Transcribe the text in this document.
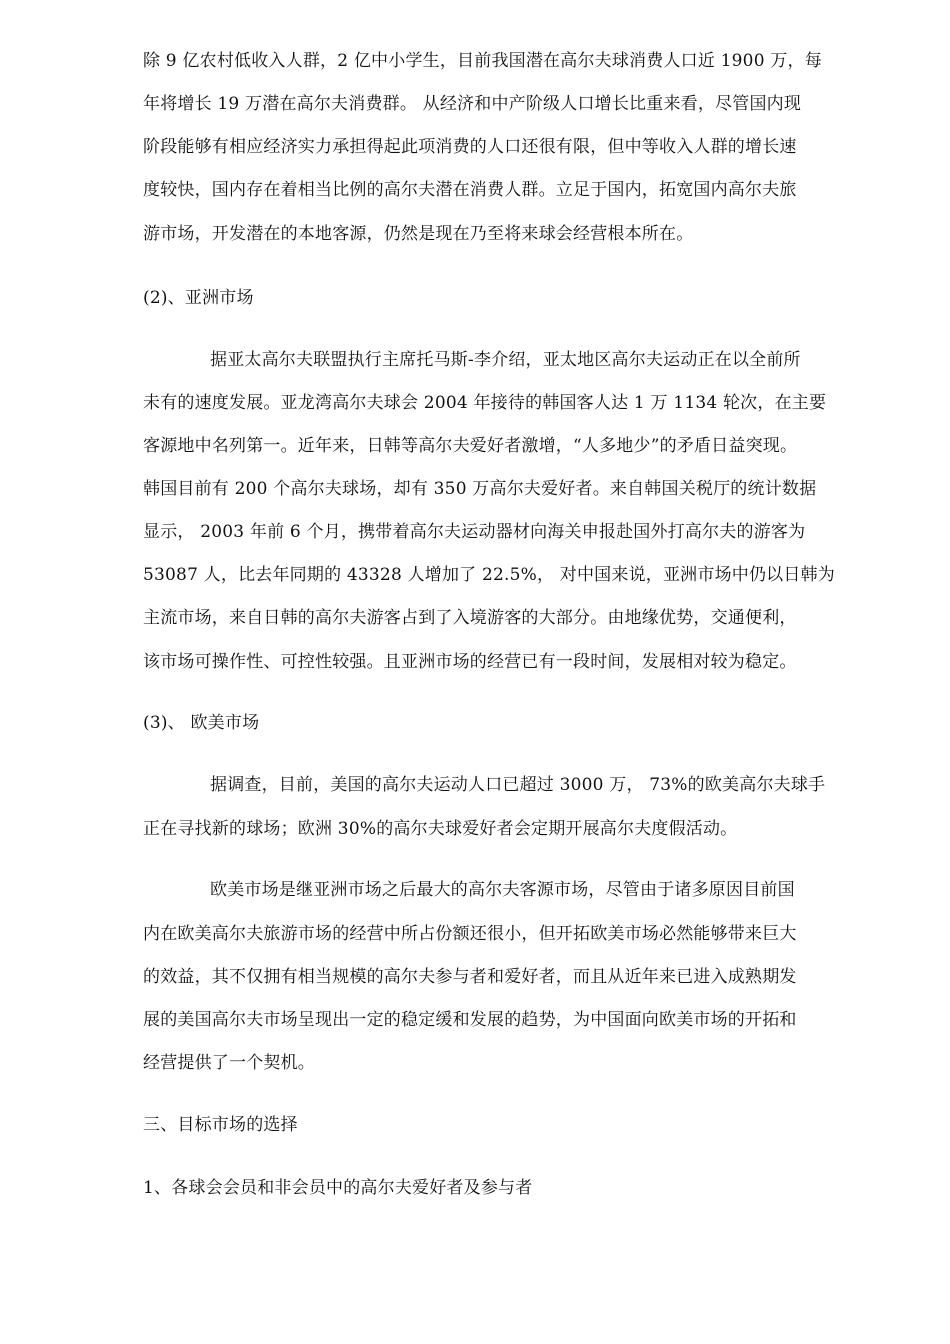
除 9 亿农村低收入人群，2 亿中小学生，目前我国潜在高尔夫球消费人口近 1900 万，每
年将增长 19 万潜在高尔夫消费群。 从经济和中产阶级人口增长比重来看，尽管国内现
阶段能够有相应经济实力承担得起此项消费的人口还很有限，但中等收入人群的增长速
度较快，国内存在着相当比例的高尔夫潜在消费人群。立足于国内，拓宽国内高尔夫旅
游市场，开发潜在的本地客源，仍然是现在乃至将来球会经营根本所在。
(2)、亚洲市场
据亚太高尔夫联盟执行主席托马斯-李介绍，亚太地区高尔夫运动正在以全前所
未有的速度发展。亚龙湾高尔夫球会 2004 年接待的韩国客人达 1 万 1134 轮次，在主要
客源地中名列第一。近年来，日韩等高尔夫爱好者激增，“人多地少”的矛盾日益突现。
韩国目前有 200 个高尔夫球场，却有 350 万高尔夫爱好者。来自韩国关税厅的统计数据
显示， 2003 年前 6 个月，携带着高尔夫运动器材向海关申报赴国外打高尔夫的游客为
53087 人，比去年同期的 43328 人增加了 22.5%， 对中国来说，亚洲市场中仍以日韩为
主流市场，来自日韩的高尔夫游客占到了入境游客的大部分。由地缘优势，交通便利，
该市场可操作性、可控性较强。且亚洲市场的经营已有一段时间，发展相对较为稳定。
(3)、 欧美市场
据调查，目前，美国的高尔夫运动人口已超过 3000 万， 73%的欧美高尔夫球手
正在寻找新的球场；欧洲 30%的高尔夫球爱好者会定期开展高尔夫度假活动。
欧美市场是继亚洲市场之后最大的高尔夫客源市场，尽管由于诸多原因目前国
内在欧美高尔夫旅游市场的经营中所占份额还很小，但开拓欧美市场必然能够带来巨大
的效益，其不仅拥有相当规模的高尔夫参与者和爱好者，而且从近年来已进入成熟期发
展的美国高尔夫市场呈现出一定的稳定缓和发展的趋势，为中国面向欧美市场的开拓和
经营提供了一个契机。
三、目标市场的选择
1、各球会会员和非会员中的高尔夫爱好者及参与者
